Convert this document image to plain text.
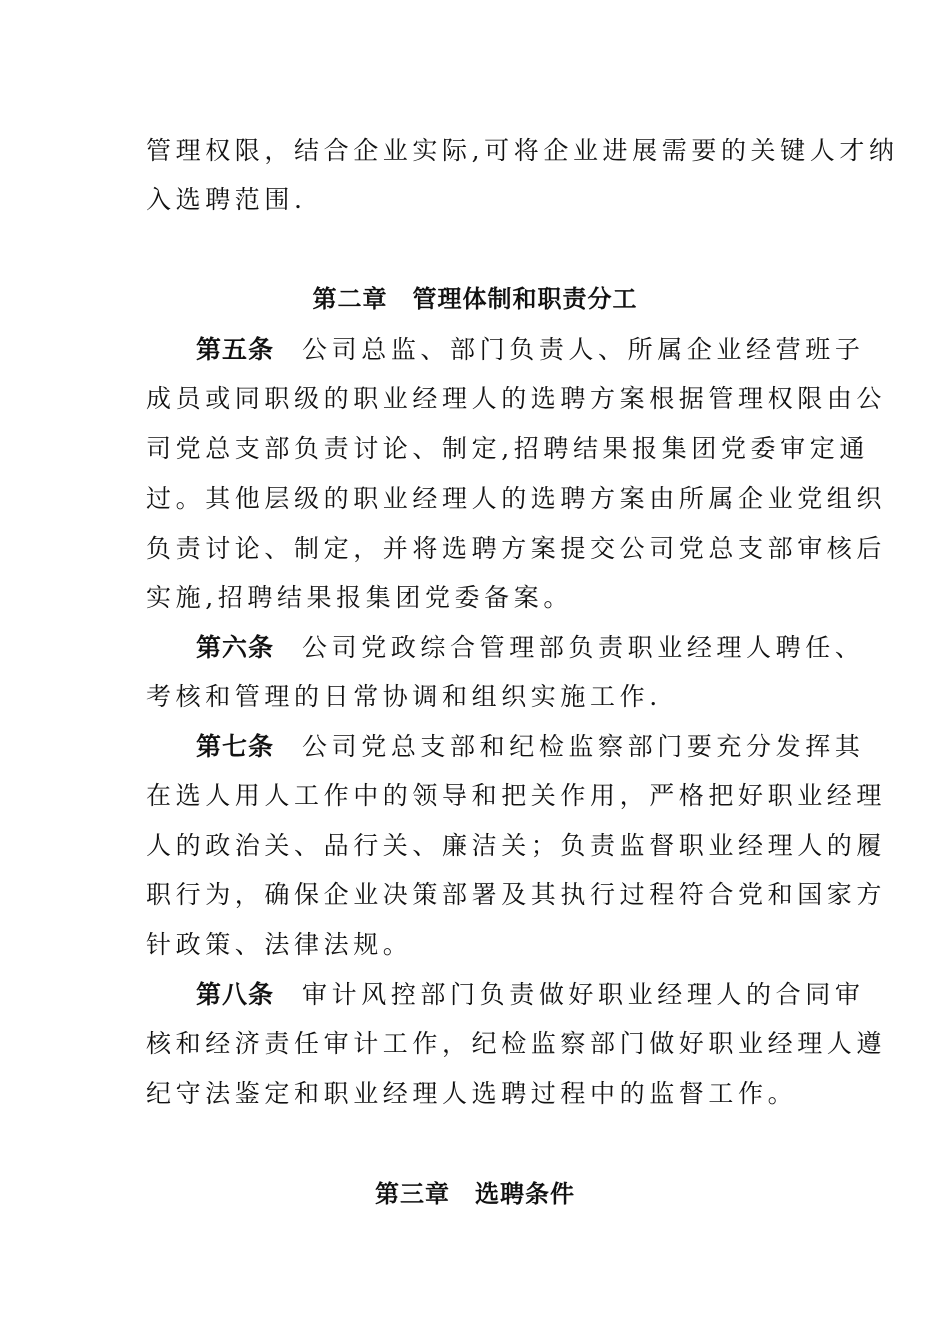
管理权限，结合企业实际,可将企业进展需要的关键人才纳
入选聘范围.
第二章　管理体制和职责分工
第五条 公司总监、部门负责人、所属企业经营班子
成员或同职级的职业经理人的选聘方案根据管理权限由公
司党总支部负责讨论、制定,招聘结果报集团党委审定通
过。其他层级的职业经理人的选聘方案由所属企业党组织
负责讨论、制定，并将选聘方案提交公司党总支部审核后
实施,招聘结果报集团党委备案。
第六条 公司党政综合管理部负责职业经理人聘任、
考核和管理的日常协调和组织实施工作.
第七条 公司党总支部和纪检监察部门要充分发挥其
在选人用人工作中的领导和把关作用，严格把好职业经理
人的政治关、品行关、廉洁关；负责监督职业经理人的履
职行为，确保企业决策部署及其执行过程符合党和国家方
针政策、法律法规。
第八条 审计风控部门负责做好职业经理人的合同审
核和经济责任审计工作，纪检监察部门做好职业经理人遵
纪守法鉴定和职业经理人选聘过程中的监督工作。
第三章　选聘条件
